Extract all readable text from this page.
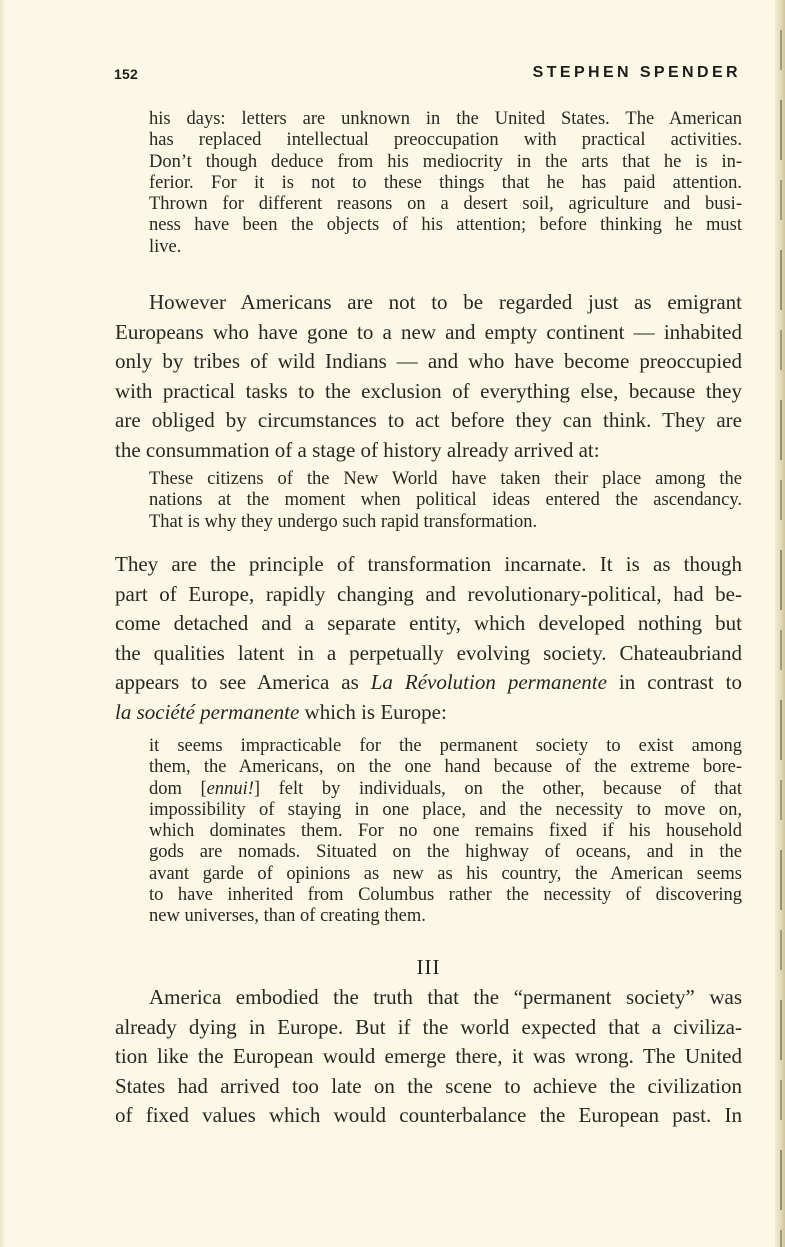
152	STEPHEN SPENDER
his days: letters are unknown in the United States. The American
has replaced intellectual preoccupation with practical activities.
Don’t though deduce from his mediocrity in the arts that he is in-
ferior. For it is not to these things that he has paid attention.
Thrown for different reasons on a desert soil, agriculture and busi-
ness have been the objects of his attention; before thinking he must
live.
However Americans are not to be regarded just as emigrant
Europeans who have gone to a new and empty continent — inhabited
only by tribes of wild Indians — and who have become preoccupied
with practical tasks to the exclusion of everything else, because they
are obliged by circumstances to act before they can think. They are
the consummation of a stage of history already arrived at:
These citizens of the New World have taken their place among the
nations at the moment when political ideas entered the ascendancy.
That is why they undergo such rapid transformation.
They are the principle of transformation incarnate. It is as though
part of Europe, rapidly changing and revolutionary-political, had be-
come detached and a separate entity, which developed nothing but
the qualities latent in a perpetually evolving society. Chateaubriand
appears to see America as La Révolution permanente in contrast to
la société permanente which is Europe:
it seems impracticable for the permanent society to exist among
them, the Americans, on the one hand because of the extreme bore-
dom [ennui!] felt by individuals, on the other, because of that
impossibility of staying in one place, and the necessity to move on,
which dominates them. For no one remains fixed if his household
gods are nomads. Situated on the highway of oceans, and in the
avant garde of opinions as new as his country, the American seems
to have inherited from Columbus rather the necessity of discovering
new universes, than of creating them.
III
America embodied the truth that the “permanent society” was
already dying in Europe. But if the world expected that a civiliza-
tion like the European would emerge there, it was wrong. The United
States had arrived too late on the scene to achieve the civilization
of fixed values which would counterbalance the European past. In
